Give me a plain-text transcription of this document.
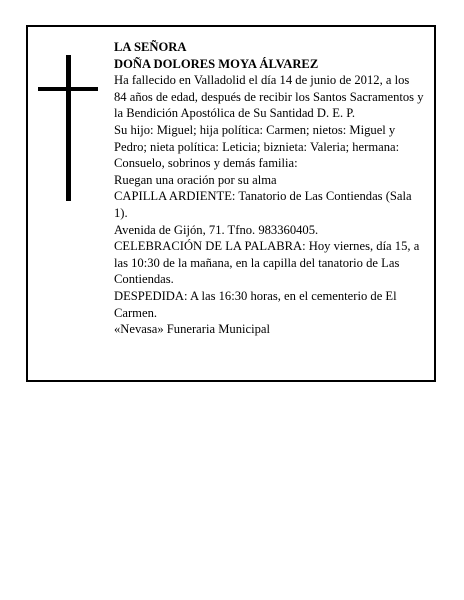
LA SEÑORA

DOÑA DOLORES MOYA ÁLVAREZ

Ha fallecido en Valladolid el día 14 de junio de 2012, a los 84 años de edad, después de recibir los Santos Sacramentos y la Bendición Apostólica de Su Santidad D. E. P.

Su hijo: Miguel; hija política: Carmen; nietos: Miguel y Pedro; nieta política: Leticia; biznieta: Valeria; hermana: Consuelo, sobrinos y demás familia:

Ruegan una oración por su alma

CAPILLA ARDIENTE: Tanatorio de Las Contiendas (Sala 1).

Avenida de Gijón, 71. Tfno. 983360405.

CELEBRACIÓN DE LA PALABRA: Hoy viernes, día 15, a las 10:30 de la mañana, en la capilla del tanatorio de Las Contiendas.

DESPEDIDA: A las 16:30 horas, en el cementerio de El Carmen.

«Nevasa» Funeraria Municipal
